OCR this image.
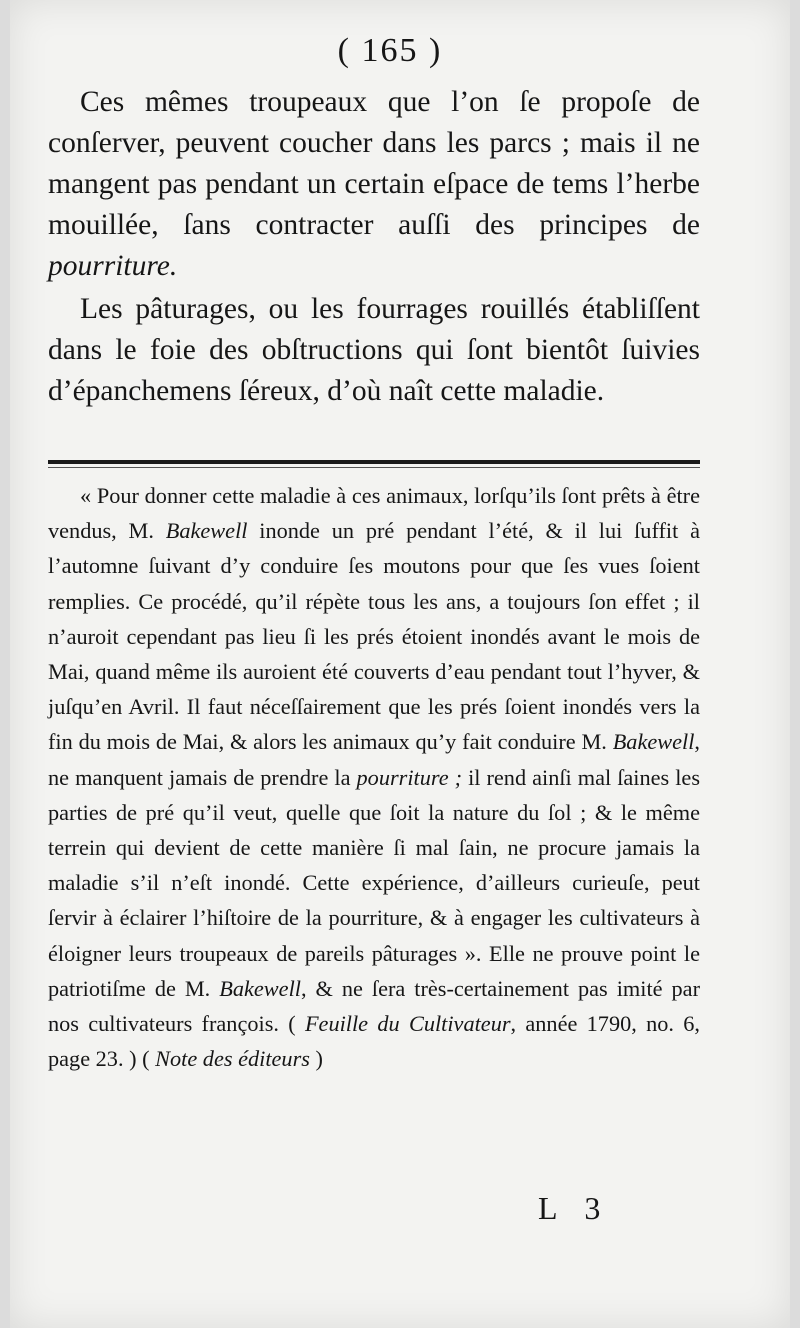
( 165 )

Ces mêmes troupeaux que l’on ſe propoſe de conſerver, peuvent coucher dans les parcs ; mais il ne mangent pas pendant un certain eſpace de tems l’herbe mouillée, ſans contracter auſſi des principes de pourriture.

Les pâturages, ou les fourrages rouillés établiſſent dans le foie des obſtructions qui ſont bientôt ſuivies d’épanchemens ſéreux, d’où naît cette maladie.

« Pour donner cette maladie à ces animaux, lorſqu’ils ſont prêts à être vendus, M. Bakewell inonde un pré pendant l’été, & il lui ſuffit à l’automne ſuivant d’y conduire ſes moutons pour que ſes vues ſoient remplies. Ce procédé, qu’il répète tous les ans, a toujours ſon effet ; il n’auroit cependant pas lieu ſi les prés étoient inondés avant le mois de Mai, quand même ils auroient été couverts d’eau pendant tout l’hyver, & juſqu’en Avril. Il faut néceſſairement que les prés ſoient inondés vers la fin du mois de Mai, & alors les animaux qu’y fait conduire M. Bakewell, ne manquent jamais de prendre la pourriture ; il rend ainſi mal ſaines les parties de pré qu’il veut, quelle que ſoit la nature du ſol ; & le même terrein qui devient de cette manière ſi mal ſain, ne procure jamais la maladie s’il n’eſt inondé. Cette expérience, d’ailleurs curieuſe, peut ſervir à éclairer l’hiſtoire de la pourriture, & à engager les cultivateurs à éloigner leurs troupeaux de pareils pâturages ». Elle ne prouve point le patriotiſme de M. Bakewell, & ne ſera très-certainement pas imité par nos cultivateurs françois. ( Feuille du Cultivateur, année 1790, no. 6, page 23. ) ( Note des éditeurs )

L 3
